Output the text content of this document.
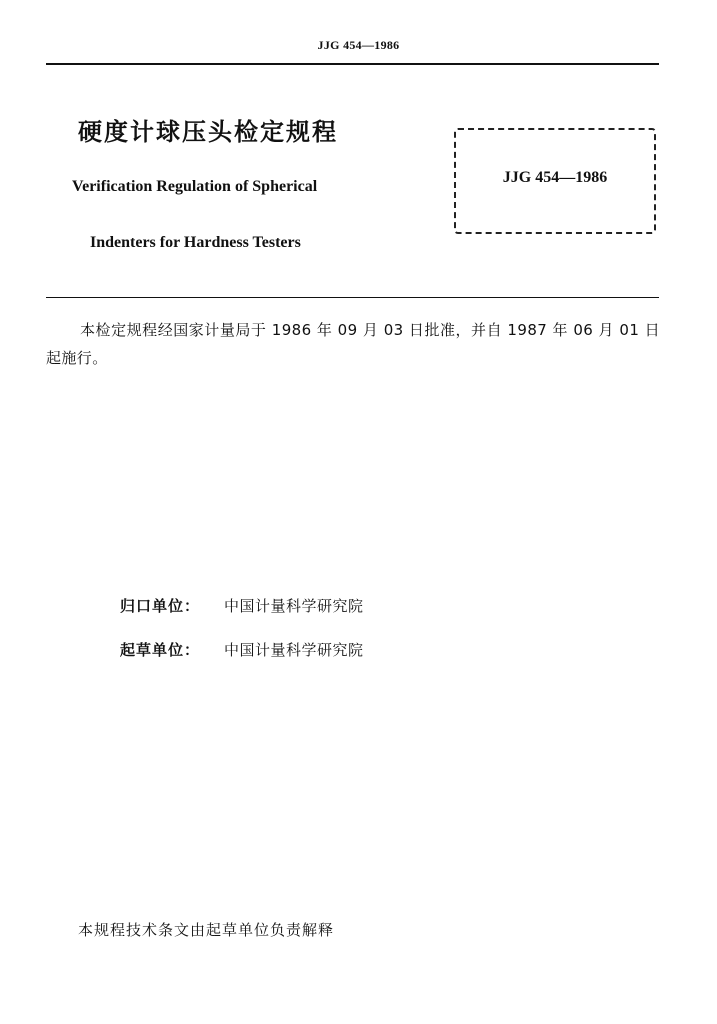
JJG 454—1986
硬度计球压头检定规程
Verification Regulation of Spherical
Indenters for Hardness Testers
JJG 454—1986
本检定规程经国家计量局于 1986 年 09 月 03 日批准，并自 1987 年 06 月 01 日起施行。
归口单位： 中国计量科学研究院
起草单位： 中国计量科学研究院
本规程技术条文由起草单位负责解释
